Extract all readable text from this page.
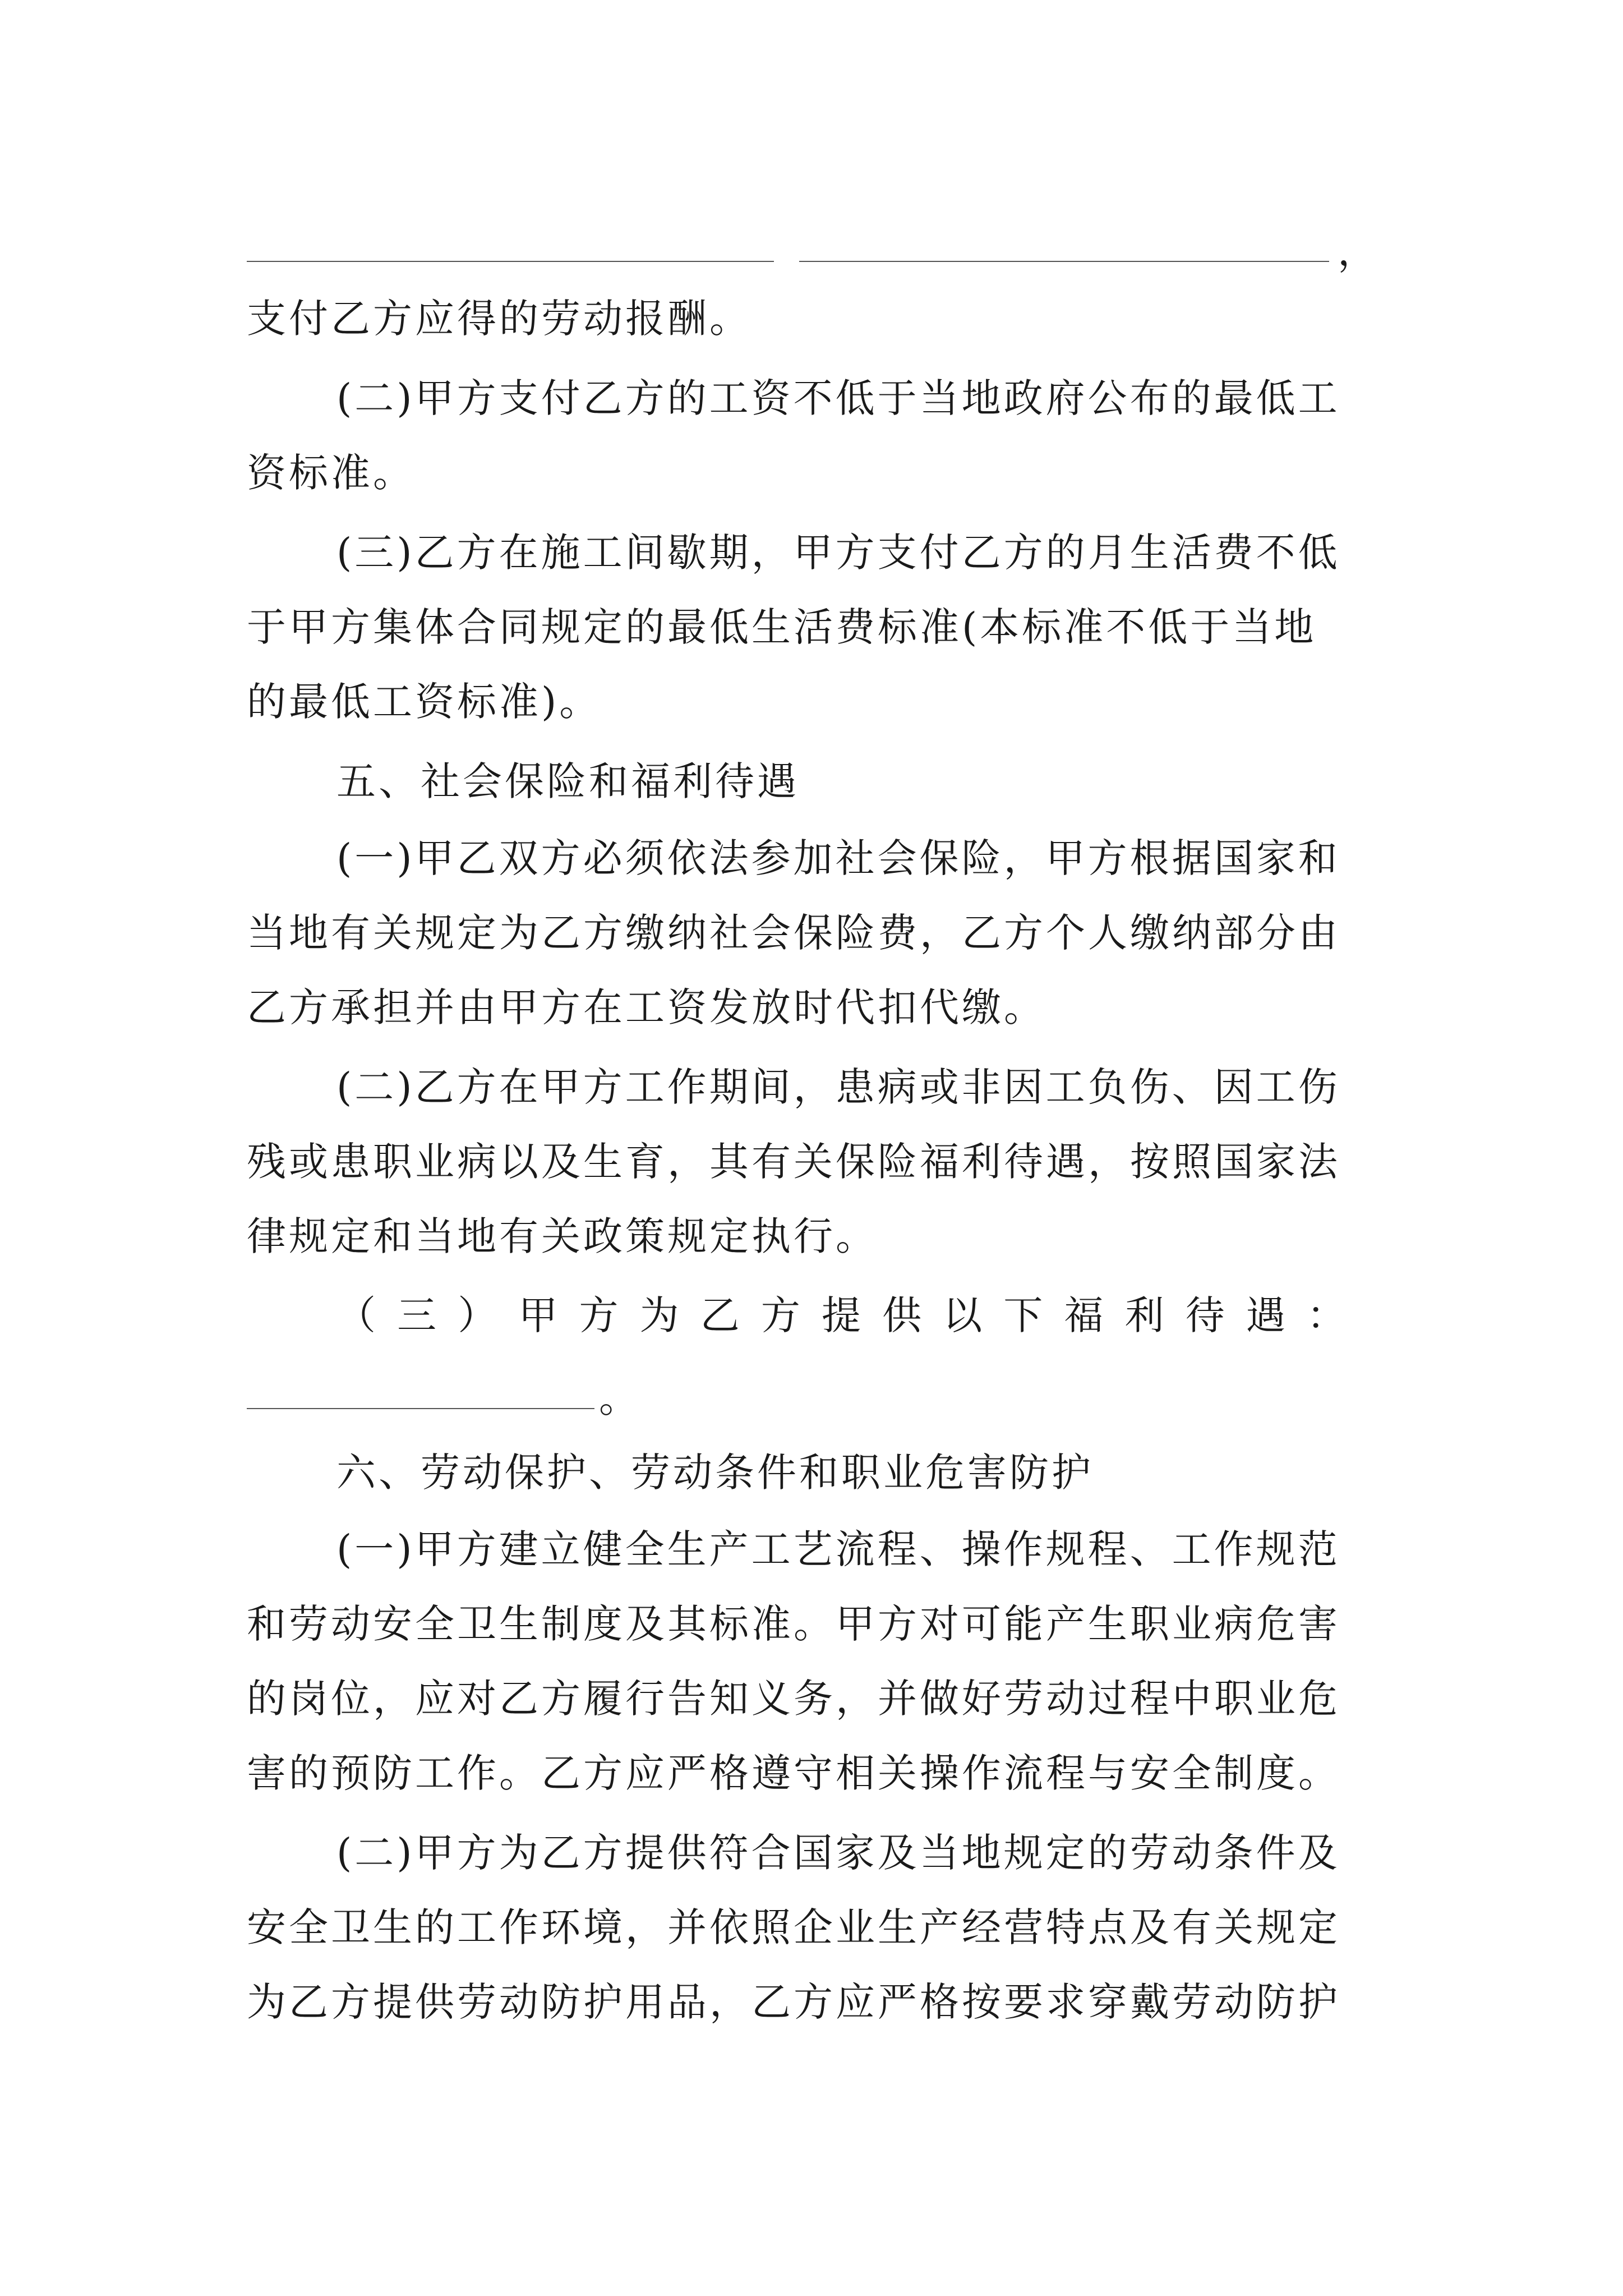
，
支付乙方应得的劳动报酬。
(二)甲方支付乙方的工资不低于当地政府公布的最低工
资标准。
(三)乙方在施工间歇期，甲方支付乙方的月生活费不低
于甲方集体合同规定的最低生活费标准(本标准不低于当地
的最低工资标准)。
五、社会保险和福利待遇
(一)甲乙双方必须依法参加社会保险，甲方根据国家和
当地有关规定为乙方缴纳社会保险费，乙方个人缴纳部分由
乙方承担并由甲方在工资发放时代扣代缴。
(二)乙方在甲方工作期间，患病或非因工负伤、因工伤
残或患职业病以及生育，其有关保险福利待遇，按照国家法
律规定和当地有关政策规定执行。
（ 三 ） 甲 方 为 乙 方 提 供 以 下 福 利 待 遇 ：
。
六、劳动保护、劳动条件和职业危害防护
(一)甲方建立健全生产工艺流程、操作规程、工作规范
和劳动安全卫生制度及其标准。甲方对可能产生职业病危害
的岗位，应对乙方履行告知义务，并做好劳动过程中职业危
害的预防工作。乙方应严格遵守相关操作流程与安全制度。
(二)甲方为乙方提供符合国家及当地规定的劳动条件及
安全卫生的工作环境，并依照企业生产经营特点及有关规定
为乙方提供劳动防护用品，乙方应严格按要求穿戴劳动防护
